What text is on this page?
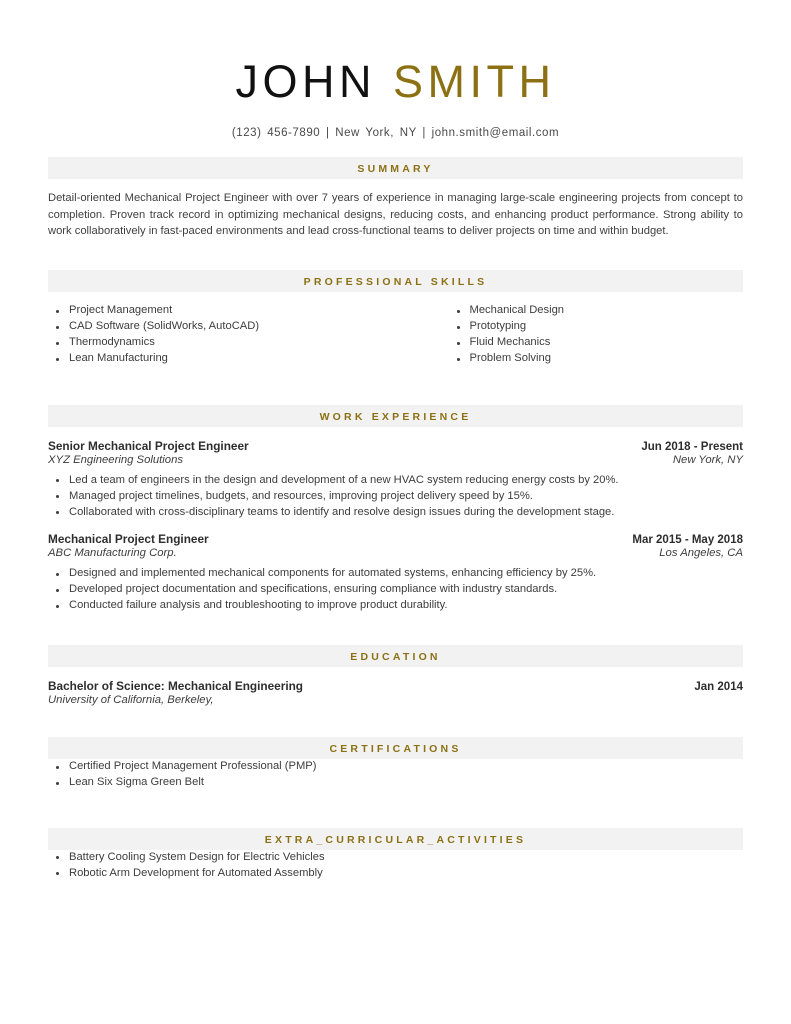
JOHN SMITH
(123) 456-7890 | New York, NY | john.smith@email.com
SUMMARY
Detail-oriented Mechanical Project Engineer with over 7 years of experience in managing large-scale engineering projects from concept to completion. Proven track record in optimizing mechanical designs, reducing costs, and enhancing product performance. Strong ability to work collaboratively in fast-paced environments and lead cross-functional teams to deliver projects on time and within budget.
PROFESSIONAL SKILLS
Project Management
CAD Software (SolidWorks, AutoCAD)
Thermodynamics
Lean Manufacturing
Mechanical Design
Prototyping
Fluid Mechanics
Problem Solving
WORK EXPERIENCE
Senior Mechanical Project Engineer	Jun 2018 - Present
XYZ Engineering Solutions	New York, NY
Led a team of engineers in the design and development of a new HVAC system reducing energy costs by 20%.
Managed project timelines, budgets, and resources, improving project delivery speed by 15%.
Collaborated with cross-disciplinary teams to identify and resolve design issues during the development stage.
Mechanical Project Engineer	Mar 2015 - May 2018
ABC Manufacturing Corp.	Los Angeles, CA
Designed and implemented mechanical components for automated systems, enhancing efficiency by 25%.
Developed project documentation and specifications, ensuring compliance with industry standards.
Conducted failure analysis and troubleshooting to improve product durability.
EDUCATION
Bachelor of Science: Mechanical Engineering	Jan 2014
University of California, Berkeley,
CERTIFICATIONS
Certified Project Management Professional (PMP)
Lean Six Sigma Green Belt
EXTRA_CURRICULAR_ACTIVITIES
Battery Cooling System Design for Electric Vehicles
Robotic Arm Development for Automated Assembly
